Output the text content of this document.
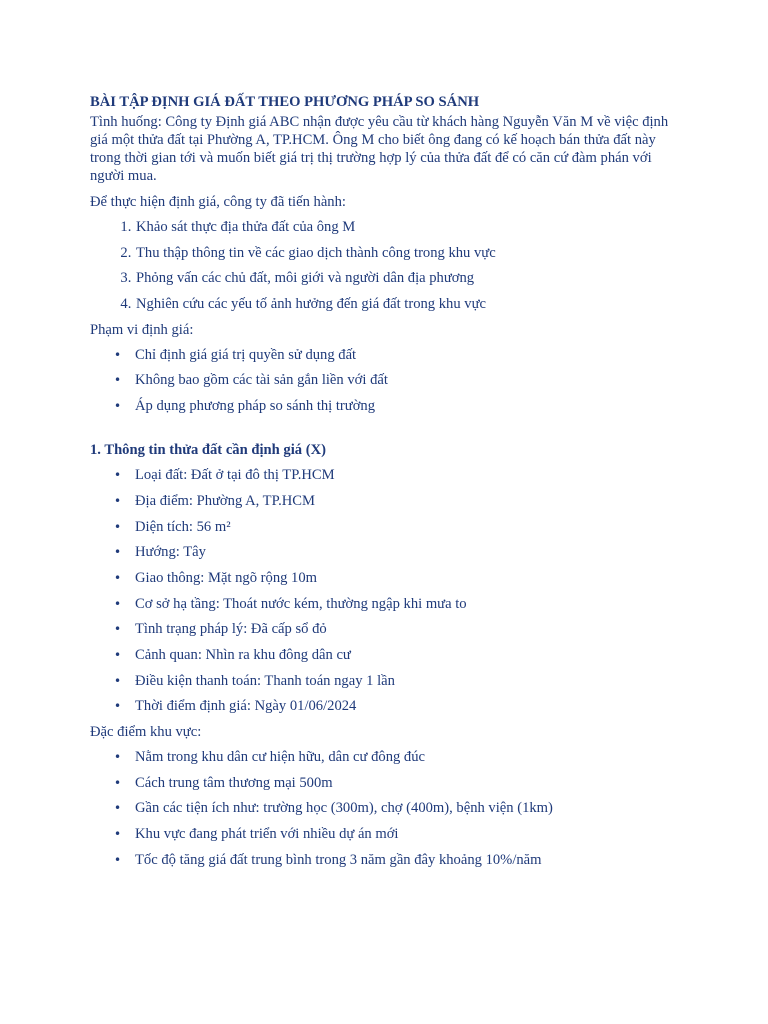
BÀI TẬP ĐỊNH GIÁ ĐẤT THEO PHƯƠNG PHÁP SO SÁNH
Tình huống: Công ty Định giá ABC nhận được yêu cầu từ khách hàng Nguyễn Văn M về việc định giá một thửa đất tại Phường A, TP.HCM. Ông M cho biết ông đang có kế hoạch bán thửa đất này trong thời gian tới và muốn biết giá trị thị trường hợp lý của thửa đất để có căn cứ đàm phán với người mua.
Để thực hiện định giá, công ty đã tiến hành:
1. Khảo sát thực địa thửa đất của ông M
2. Thu thập thông tin về các giao dịch thành công trong khu vực
3. Phỏng vấn các chủ đất, môi giới và người dân địa phương
4. Nghiên cứu các yếu tố ảnh hưởng đến giá đất trong khu vực
Phạm vi định giá:
• Chỉ định giá giá trị quyền sử dụng đất
• Không bao gồm các tài sản gắn liền với đất
• Áp dụng phương pháp so sánh thị trường
1. Thông tin thửa đất cần định giá (X)
• Loại đất: Đất ở tại đô thị TP.HCM
• Địa điểm: Phường A, TP.HCM
• Diện tích: 56 m²
• Hướng: Tây
• Giao thông: Mặt ngõ rộng 10m
• Cơ sở hạ tầng: Thoát nước kém, thường ngập khi mưa to
• Tình trạng pháp lý: Đã cấp sổ đỏ
• Cảnh quan: Nhìn ra khu đông dân cư
• Điều kiện thanh toán: Thanh toán ngay 1 lần
• Thời điểm định giá: Ngày 01/06/2024
Đặc điểm khu vực:
• Nằm trong khu dân cư hiện hữu, dân cư đông đúc
• Cách trung tâm thương mại 500m
• Gần các tiện ích như: trường học (300m), chợ (400m), bệnh viện (1km)
• Khu vực đang phát triển với nhiều dự án mới
• Tốc độ tăng giá đất trung bình trong 3 năm gần đây khoảng 10%/năm
